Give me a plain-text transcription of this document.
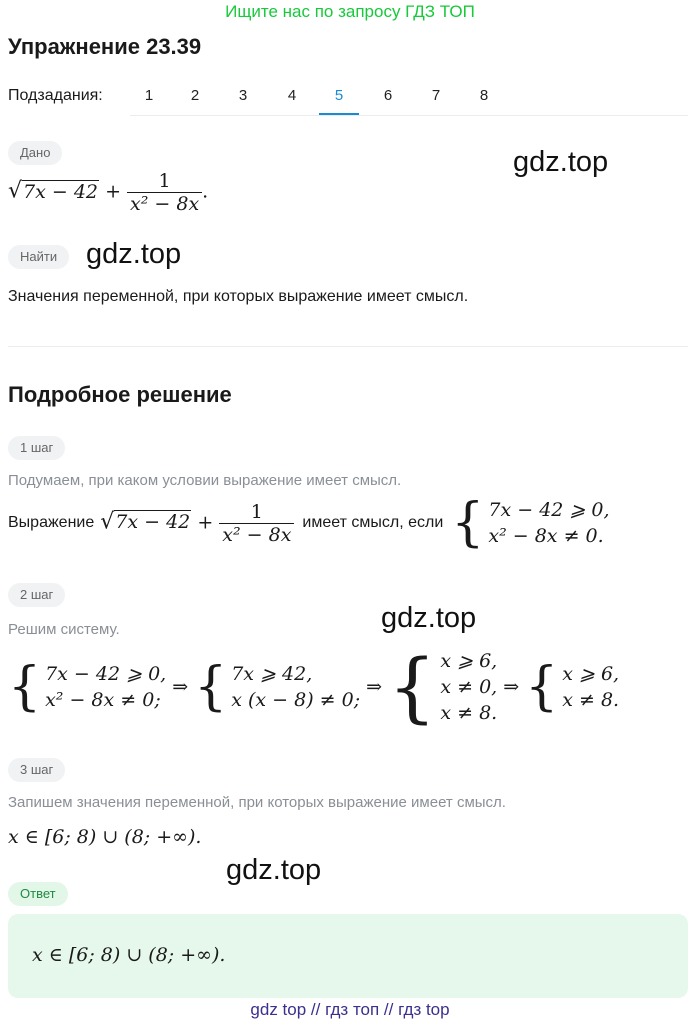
Ищите нас по запросу ГДЗ ТОП
Упражнение 23.39
Подзадания:	1	2	3	4	5	6	7	8
Дано	gdz.top
$√7x - 42 + \frac{1}{\text{x² − 8x}}$ .
Найти gdz.top
Значения переменной, при которых выражение имеет смысл.
Подробное решение
1 шаг
Подумаем, при каком условии выражение имеет смысл.
Выражение $√7x - 42 + \frac{1}{\text{x² − 8x}}$ имеет смысл, если { 7x − 42 ⩾ 0,
x² − 8x ≠ 0.
2 шаг
gdz.top
Решим систему.
{ 7x − 42 ⩾ 0,
x² − 8x ≠ 0;
⇒ { 7x ⩾ 42,
x (x − 8) ≠ 0;
⇒ { x ⩾ 6,
x ≠ 0,
x ≠ 8.
⇒ { x ⩾ 6,
x ≠ 8.
3 шаг
Запишем значения переменной, при которых выражение имеет смысл.
x ∈ [6; 8) ∪ (8; +∞).
gdz.top
Ответ
x ∈ [6; 8) ∪ (8; +∞).
gdz top // гдз топ // гдз top
